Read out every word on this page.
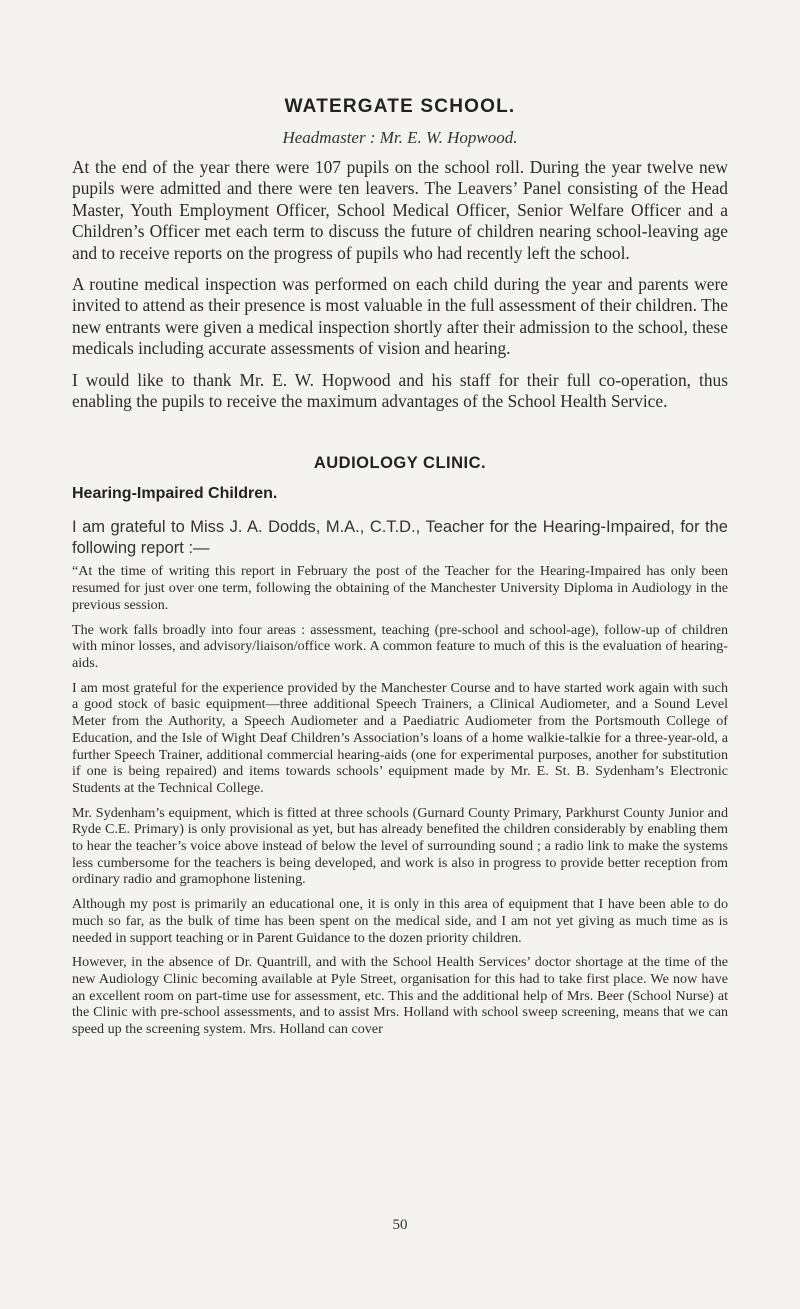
WATERGATE SCHOOL.

Headmaster : Mr. E. W. Hopwood.

At the end of the year there were 107 pupils on the school roll. During the year twelve new pupils were admitted and there were ten leavers. The Leavers’ Panel consisting of the Head Master, Youth Employment Officer, School Medical Officer, Senior Welfare Officer and a Children’s Officer met each term to discuss the future of children nearing school-leaving age and to receive reports on the progress of pupils who had recently left the school.

A routine medical inspection was performed on each child during the year and parents were invited to attend as their presence is most valuable in the full assessment of their children. The new entrants were given a medical inspection shortly after their admission to the school, these medicals including accurate assessments of vision and hearing.

I would like to thank Mr. E. W. Hopwood and his staff for their full co-operation, thus enabling the pupils to receive the maximum advantages of the School Health Service.

AUDIOLOGY CLINIC.
Hearing-Impaired Children.

I am grateful to Miss J. A. Dodds, M.A., C.T.D., Teacher for the Hearing-Impaired, for the following report :—

“At the time of writing this report in February the post of the Teacher for the Hearing-Impaired has only been resumed for just over one term, following the obtaining of the Manchester University Diploma in Audiology in the previous session.

The work falls broadly into four areas : assessment, teaching (pre-school and school-age), follow-up of children with minor losses, and advisory/liaison/office work. A common feature to much of this is the evaluation of hearing-aids.

I am most grateful for the experience provided by the Manchester Course and to have started work again with such a good stock of basic equipment—three additional Speech Trainers, a Clinical Audiometer, and a Sound Level Meter from the Authority, a Speech Audiometer and a Paediatric Audiometer from the Portsmouth College of Education, and the Isle of Wight Deaf Children’s Association’s loans of a home walkie-talkie for a three-year-old, a further Speech Trainer, additional commercial hearing-aids (one for experimental purposes, another for substitution if one is being repaired) and items towards schools’ equipment made by Mr. E. St. B. Sydenham’s Electronic Students at the Technical College.

Mr. Sydenham’s equipment, which is fitted at three schools (Gurnard County Primary, Parkhurst County Junior and Ryde C.E. Primary) is only provisional as yet, but has already benefited the children considerably by enabling them to hear the teacher’s voice above instead of below the level of surrounding sound ; a radio link to make the systems less cumbersome for the teachers is being developed, and work is also in progress to provide better reception from ordinary radio and gramophone listening.

Although my post is primarily an educational one, it is only in this area of equipment that I have been able to do much so far, as the bulk of time has been spent on the medical side, and I am not yet giving as much time as is needed in support teaching or in Parent Guidance to the dozen priority children.

However, in the absence of Dr. Quantrill, and with the School Health Services’ doctor shortage at the time of the new Audiology Clinic becoming available at Pyle Street, organisation for this had to take first place. We now have an excellent room on part-time use for assessment, etc. This and the additional help of Mrs. Beer (School Nurse) at the Clinic with pre-school assessments, and to assist Mrs. Holland with school sweep screening, means that we can speed up the screening system. Mrs. Holland can cover

50
